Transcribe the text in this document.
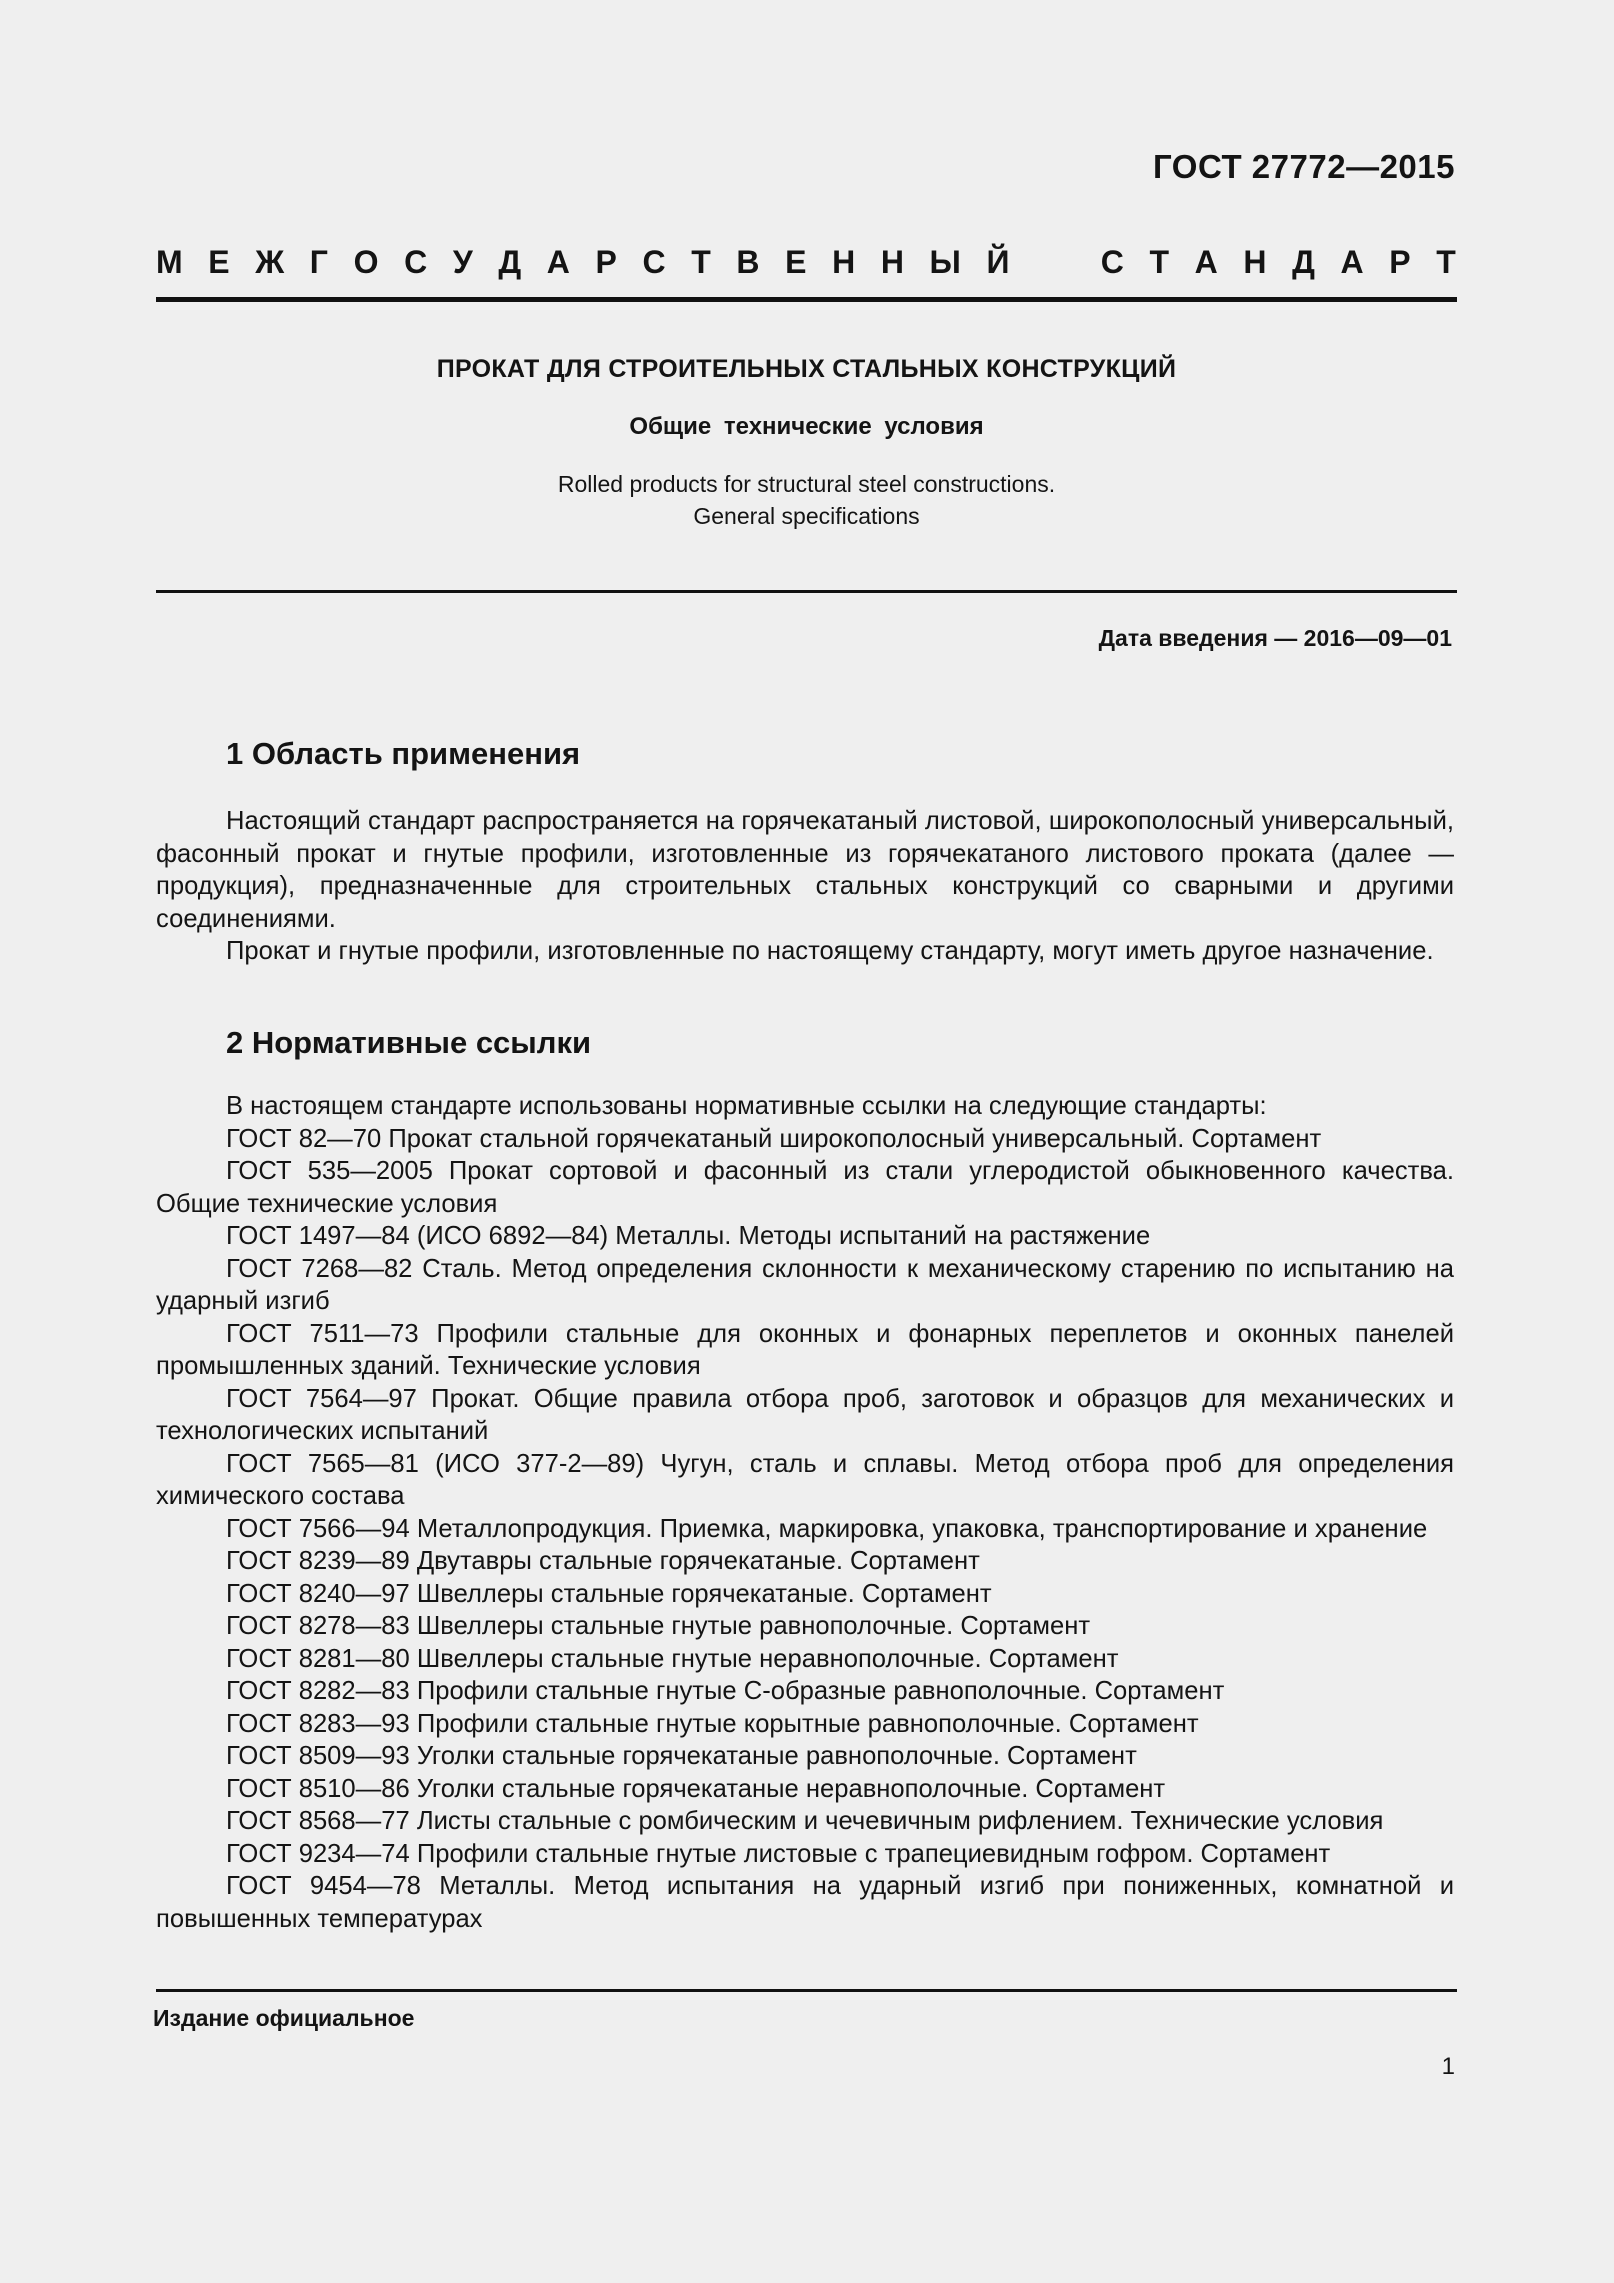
ГОСТ 27772—2015
М Е Ж Г О С У Д А Р С Т В Е Н Н Ы Й	С Т А Н Д А Р Т
ПРОКАТ ДЛЯ СТРОИТЕЛЬНЫХ СТАЛЬНЫХ КОНСТРУКЦИЙ
Общие технические условия
Rolled products for structural steel constructions.
General specifications
Дата введения — 2016—09—01
1 Область применения

Настоящий стандарт распространяется на горячекатаный листовой, широкополосный универсальный, фасонный прокат и гнутые профили, изготовленные из горячекатаного листового проката (далее — продукция), предназначенные для строительных стальных конструкций со сварными и другими соединениями.

Прокат и гнутые профили, изготовленные по настоящему стандарту, могут иметь другое назначение.

2 Нормативные ссылки

В настоящем стандарте использованы нормативные ссылки на следующие стандарты:

ГОСТ 82—70 Прокат стальной горячекатаный широкополосный универсальный. Сортамент

ГОСТ 535—2005 Прокат сортовой и фасонный из стали углеродистой обыкновенного качества. Общие технические условия

ГОСТ 1497—84 (ИСО 6892—84) Металлы. Методы испытаний на растяжение

ГОСТ 7268—82 Сталь. Метод определения склонности к механическому старению по испытанию на ударный изгиб

ГОСТ 7511—73 Профили стальные для оконных и фонарных переплетов и оконных панелей промышленных зданий. Технические условия

ГОСТ 7564—97 Прокат. Общие правила отбора проб, заготовок и образцов для механических и технологических испытаний

ГОСТ 7565—81 (ИСО 377-2—89) Чугун, сталь и сплавы. Метод отбора проб для определения химического состава

ГОСТ 7566—94 Металлопродукция. Приемка, маркировка, упаковка, транспортирование и хранение

ГОСТ 8239—89 Двутавры стальные горячекатаные. Сортамент

ГОСТ 8240—97 Швеллеры стальные горячекатаные. Сортамент

ГОСТ 8278—83 Швеллеры стальные гнутые равнополочные. Сортамент

ГОСТ 8281—80 Швеллеры стальные гнутые неравнополочные. Сортамент

ГОСТ 8282—83 Профили стальные гнутые С-образные равнополочные. Сортамент

ГОСТ 8283—93 Профили стальные гнутые корытные равнополочные. Сортамент

ГОСТ 8509—93 Уголки стальные горячекатаные равнополочные. Сортамент

ГОСТ 8510—86 Уголки стальные горячекатаные неравнополочные. Сортамент

ГОСТ 8568—77 Листы стальные с ромбическим и чечевичным рифлением. Технические условия

ГОСТ 9234—74 Профили стальные гнутые листовые с трапециевидным гофром. Сортамент

ГОСТ 9454—78 Металлы. Метод испытания на ударный изгиб при пониженных, комнатной и повышенных температурах

Издание официальное
1
